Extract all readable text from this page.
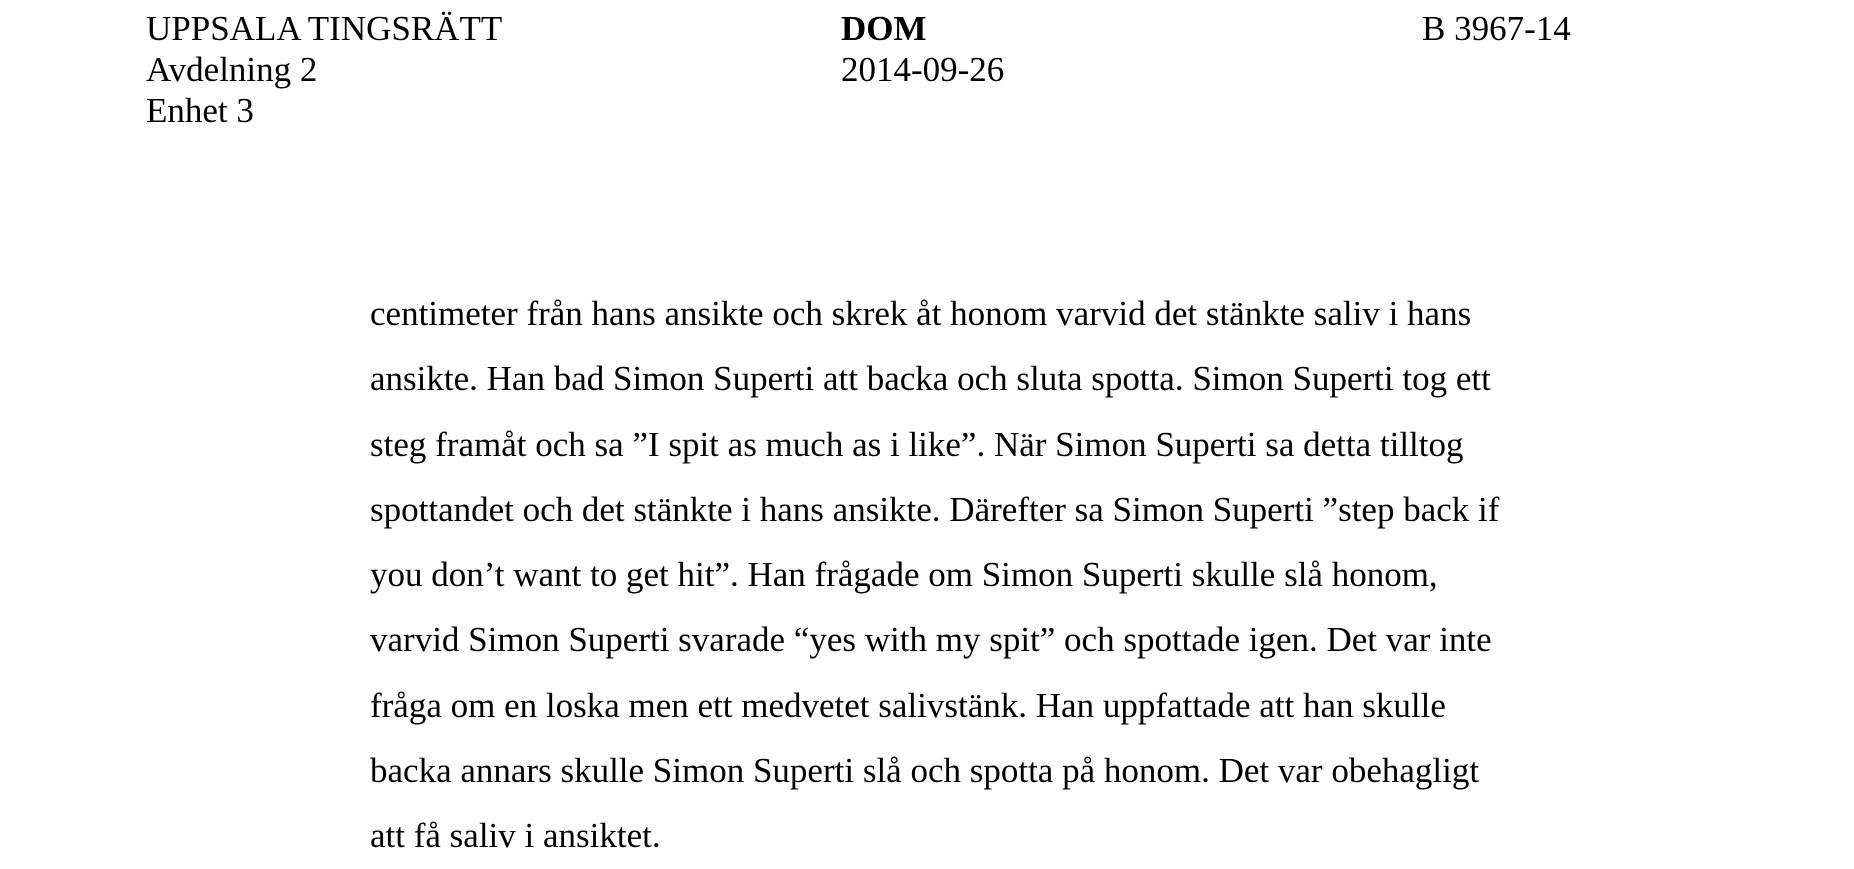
UPPSALA TINGSRÄTT
Avdelning 2
Enhet 3
DOM
2014-09-26
B 3967-14
centimeter från hans ansikte och skrek åt honom varvid det stänkte saliv i hans
ansikte. Han bad Simon Superti att backa och sluta spotta. Simon Superti tog ett
steg framåt och sa ”I spit as much as i like”. När Simon Superti sa detta tilltog
spottandet och det stänkte i hans ansikte. Därefter sa Simon Superti ”step back if
you don’t want to get hit”. Han frågade om Simon Superti skulle slå honom,
varvid Simon Superti svarade “yes with my spit” och spottade igen. Det var inte
fråga om en loska men ett medvetet salivstänk. Han uppfattade att han skulle
backa annars skulle Simon Superti slå och spotta på honom. Det var obehagligt
att få saliv i ansiktet.
